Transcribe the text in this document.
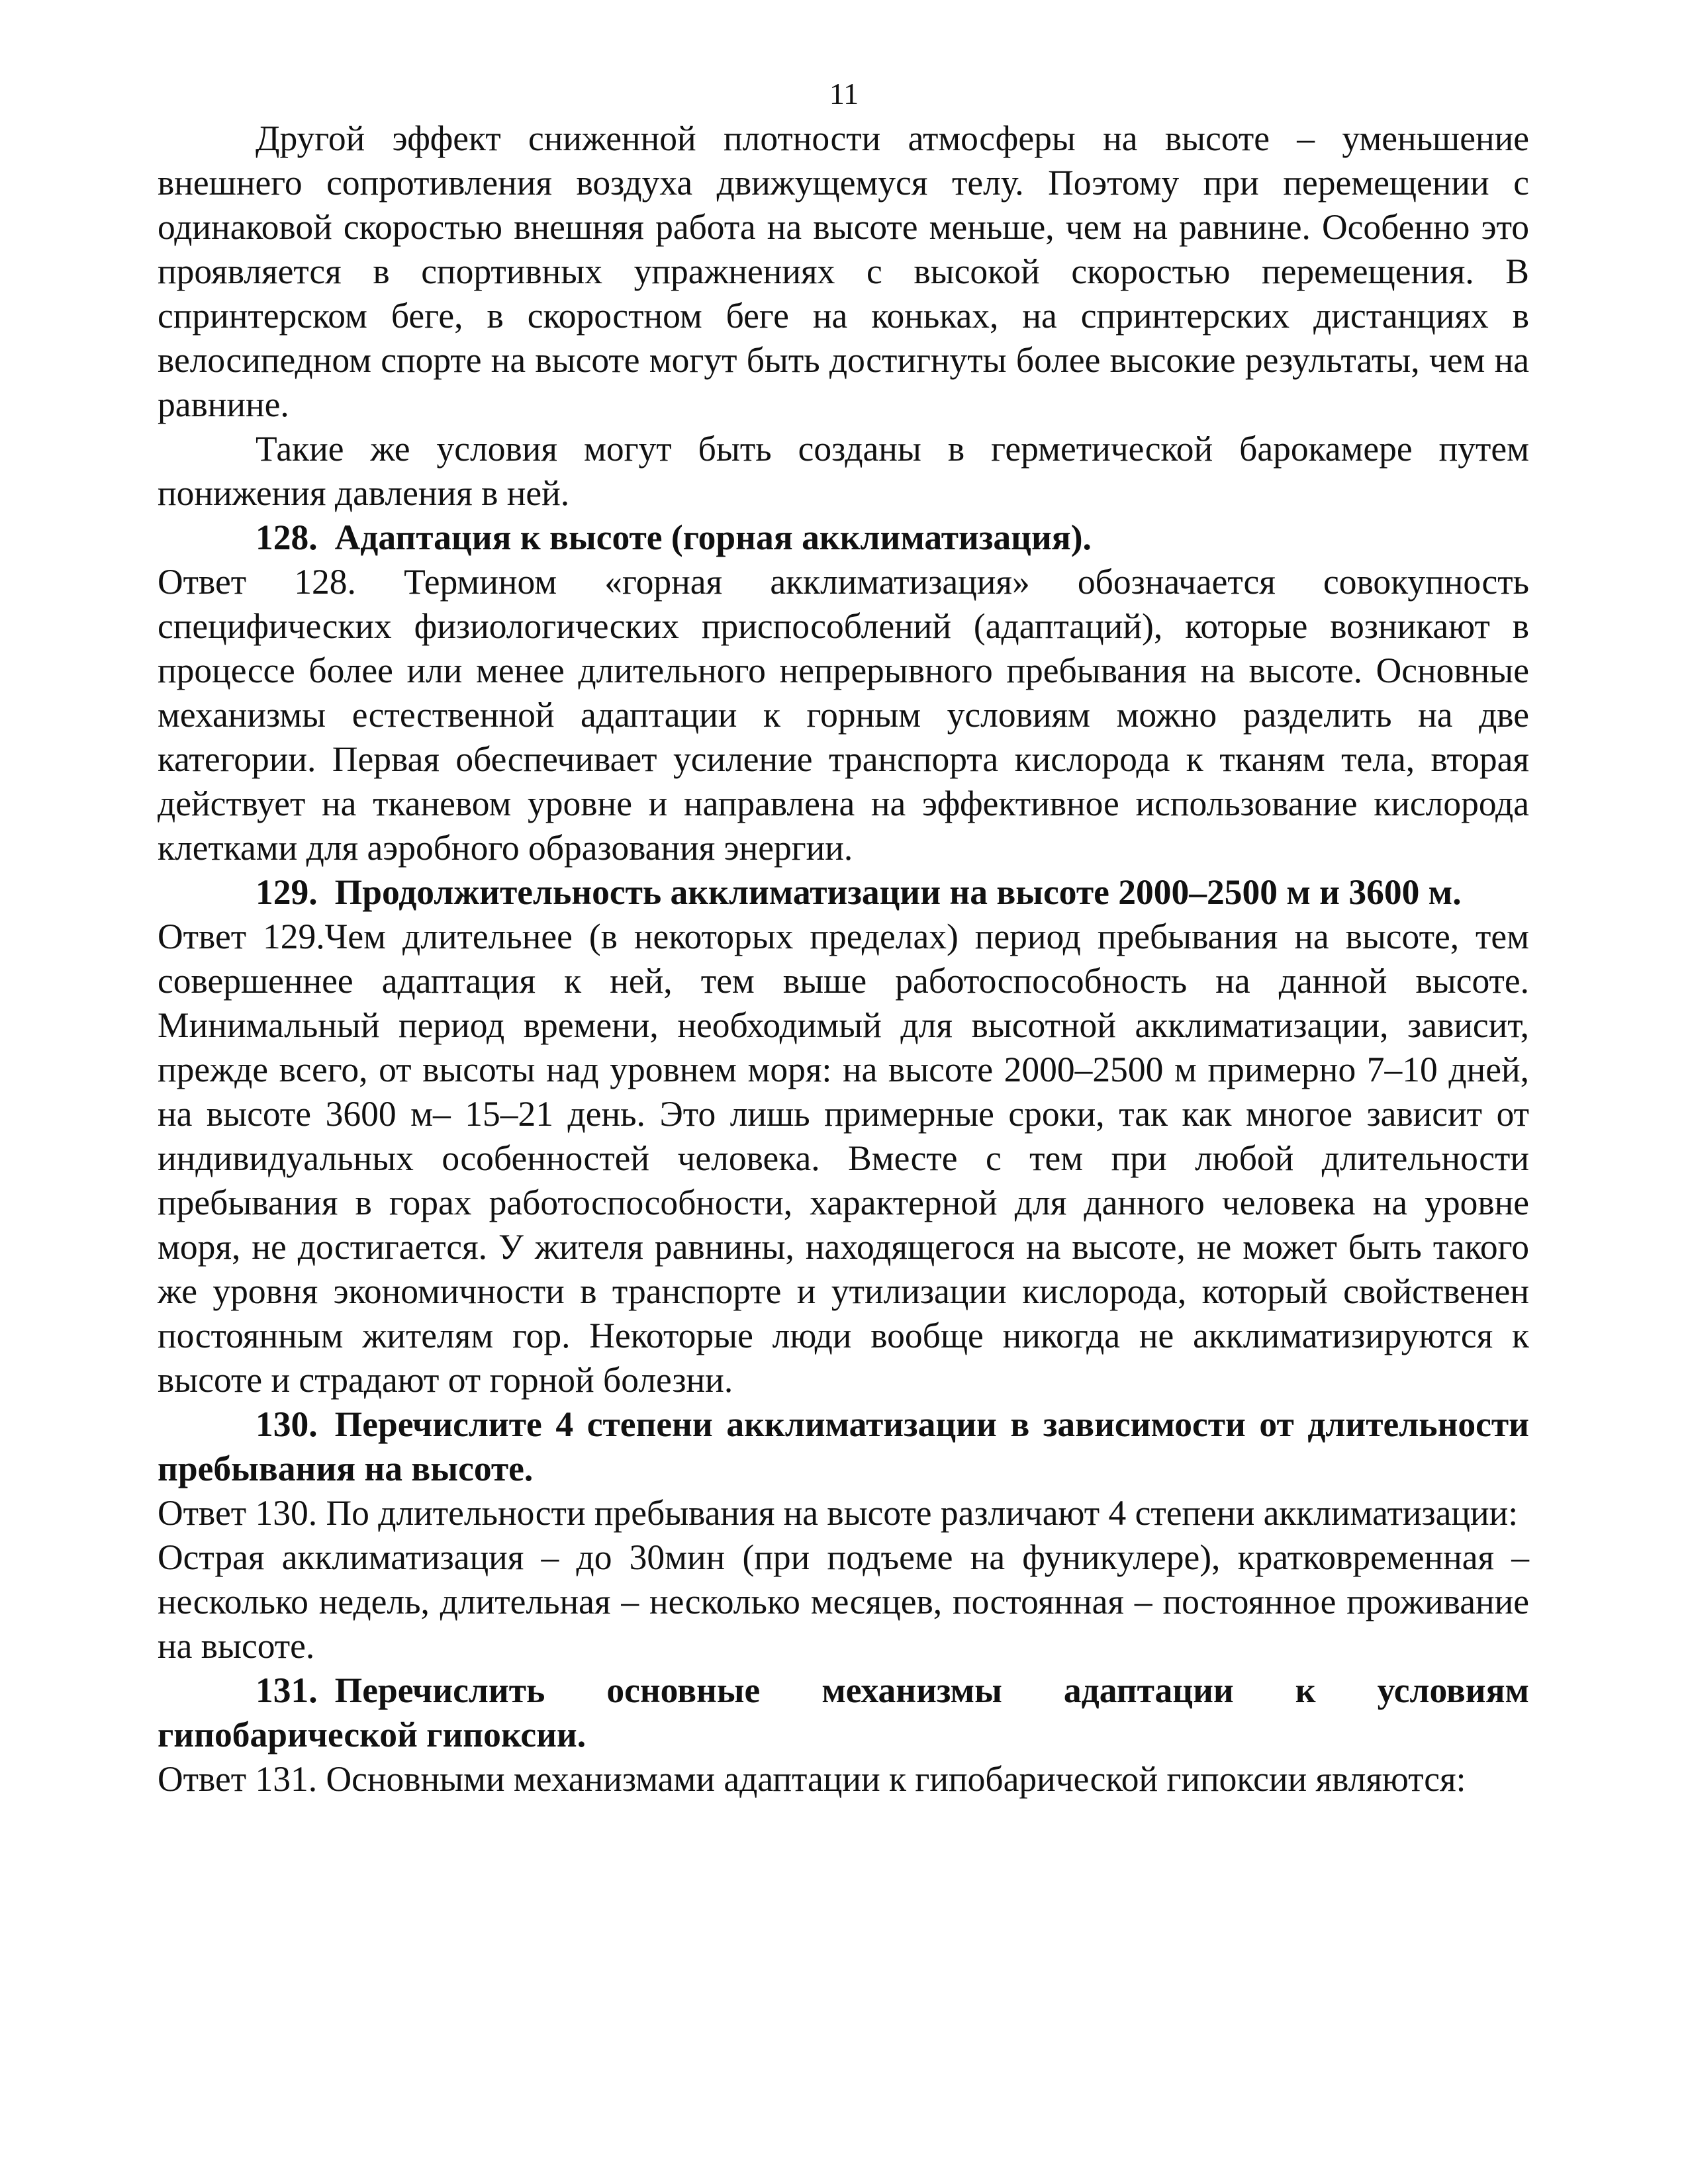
11

Другой эффект сниженной плотности атмосферы на высоте – уменьшение внешнего сопротивления воздуха движущемуся телу. Поэтому при перемещении с одинаковой скоростью внешняя работа на высоте меньше, чем на равнине. Особенно это проявляется в спортивных упражнениях с высокой скоростью перемещения. В спринтерском беге, в скоростном беге на коньках, на спринтерских дистанциях в велосипедном спорте на высоте могут быть достигнуты более высокие результаты, чем на равнине.

Такие же условия могут быть созданы в герметической барокамере путем понижения давления в ней.

128. Адаптация к высоте (горная акклиматизация).

Ответ 128. Термином «горная акклиматизация» обозначается совокупность специфических физиологических приспособлений (адаптаций), которые возникают в процессе более или менее длительного непрерывного пребывания на высоте. Основные механизмы естественной адаптации к горным условиям можно разделить на две категории. Первая обеспечивает усиление транспорта кислорода к тканям тела, вторая действует на тканевом уровне и направлена на эффективное использование кислорода клетками для аэробного образования энергии.

129. Продолжительность акклиматизации на высоте 2000–2500 м и 3600 м.

Ответ 129.Чем длительнее (в некоторых пределах) период пребывания на высоте, тем совершеннее адаптация к ней, тем выше работоспособность на данной высоте. Минимальный период времени, необходимый для высотной акклиматизации, зависит, прежде всего, от высоты над уровнем моря: на высоте 2000–2500 м примерно 7–10 дней, на высоте 3600 м– 15–21 день. Это лишь примерные сроки, так как многое зависит от индивидуальных особенностей человека. Вместе с тем при любой длительности пребывания в горах работоспособности, характерной для данного человека на уровне моря, не достигается. У жителя равнины, находящегося на высоте, не может быть такого же уровня экономичности в транспорте и утилизации кислорода, который свойственен постоянным жителям гор. Некоторые люди вообще никогда не акклиматизируются к высоте и страдают от горной болезни.

130. Перечислите 4 степени акклиматизации в зависимости от длительности пребывания на высоте.

Ответ 130. По длительности пребывания на высоте различают 4 степени акклиматизации:

Острая акклиматизация – до 30мин (при подъеме на фуникулере), кратковременная – несколько недель, длительная – несколько месяцев, постоянная – постоянное проживание на высоте.

131. Перечислить основные механизмы адаптации к условиям гипобарической гипоксии.

Ответ 131. Основными механизмами адаптации к гипобарической гипоксии являются:
